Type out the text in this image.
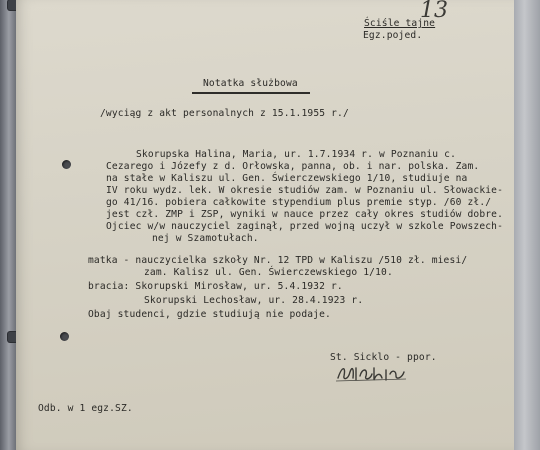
Ściśle tajne
Egz.pojed.
13
Notatka służbowa
/wyciąg z akt personalnych z 15.1.1955 r./
Skorupska Halina, Maria, ur. 1.7.1934 r. w Poznaniu c.
Cezarego i Józefy z d. Orłowska, panna, ob. i nar. polska. Zam.
na stałe w Kaliszu ul. Gen. Świerczewskiego 1/10, studiuje na
IV roku wydz. lek. W okresie studiów zam. w Poznaniu ul. Słowackie-
go 41/16. pobiera całkowite stypendium plus premie styp. /60 zł./
jest czł. ZMP i ZSP, wyniki w nauce przez cały okres studiów dobre.
Ojciec w/w nauczyciel zaginął, przed wojną uczył w szkole Powszech-
nej w Szamotułach.
matka - nauczycielka szkoły Nr. 12 TPD w Kaliszu /510 zł. miesi/
zam. Kalisz ul. Gen. Świerczewskiego 1/10.
bracia: Skorupski Mirosław, ur. 5.4.1932 r.
Skorupski Lechosław, ur. 28.4.1923 r.
Obaj studenci, gdzie studiują nie podaje.
St. Sicklo - ppor.
Odb. w 1 egz.SZ.
